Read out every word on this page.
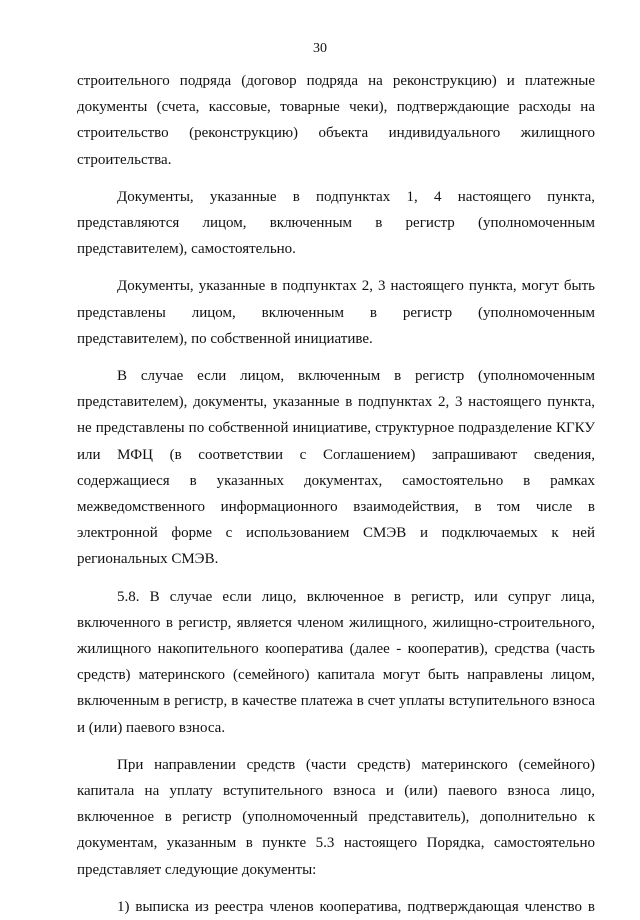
30

строительного подряда (договор подряда на реконструкцию) и платежные документы (счета, кассовые, товарные чеки), подтверждающие расходы на строительство (реконструкцию) объекта индивидуального жилищного строительства.

Документы, указанные в подпунктах 1, 4 настоящего пункта, представляются лицом, включенным в регистр (уполномоченным представителем), самостоятельно.

Документы, указанные в подпунктах 2, 3 настоящего пункта, могут быть представлены лицом, включенным в регистр (уполномоченным представителем), по собственной инициативе.

В случае если лицом, включенным в регистр (уполномоченным представителем), документы, указанные в подпунктах 2, 3 настоящего пункта, не представлены по собственной инициативе, структурное подразделение КГКУ или МФЦ (в соответствии с Соглашением) запрашивают сведения, содержащиеся в указанных документах, самостоятельно в рамках межведомственного информационного взаимодействия, в том числе в электронной форме с использованием СМЭВ и подключаемых к ней региональных СМЭВ.

5.8. В случае если лицо, включенное в регистр, или супруг лица, включенного в регистр, является членом жилищного, жилищно-строительного, жилищного накопительного кооператива (далее - кооператив), средства (часть средств) материнского (семейного) капитала могут быть направлены лицом, включенным в регистр, в качестве платежа в счет уплаты вступительного взноса и (или) паевого взноса.

При направлении средств (части средств) материнского (семейного) капитала на уплату вступительного взноса и (или) паевого взноса лицо, включенное в регистр (уполномоченный представитель), дополнительно к документам, указанным в пункте 5.3 настоящего Порядка, самостоятельно представляет следующие документы:

1) выписка из реестра членов кооператива, подтверждающая членство в
